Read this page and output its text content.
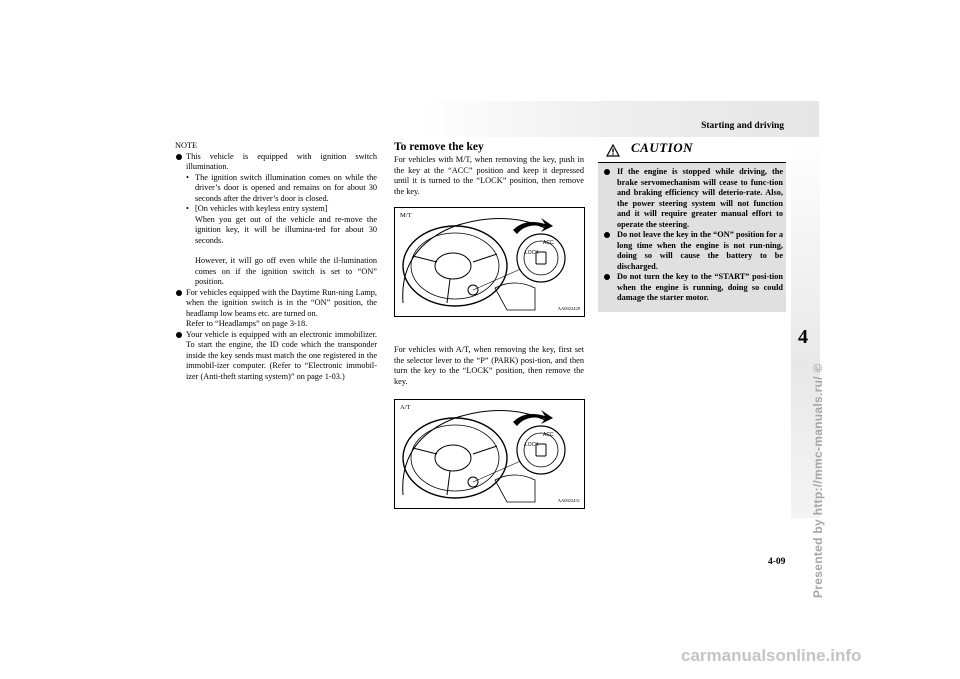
Starting and driving
4
4-09 Presented by http://mmc-manuals.ru/ ©
carmanualsonline.info

NOTE

This vehicle is equipped with ignition switch illumination.

• The ignition switch illumination comes on while the driver’s door is opened and remains on for about 30 seconds after the driver’s door is closed.

• [On vehicles with keyless entry system]

When you get out of the vehicle and re-move the ignition key, it will be illumina-ted for about 30 seconds.

However, it will go off even while the il-lumination comes on if the ignition switch is set to “ON” position.

For vehicles equipped with the Daytime Run-ning Lamp, when the ignition switch is in the “ON” position, the headlamp low beams etc. are turned on.

Refer to “Headlamps” on page 3-18.

Your vehicle is equipped with an electronic immobilizer. To start the engine, the ID code which the transponder inside the key sends must match the one registered in the immobil-izer computer. (Refer to “Electronic immobil-izer (Anti-theft starting system)” on page 1-03.)

To remove the key

For vehicles with M/T, when removing the key, push in the key at the “ACC” position and keep it depressed until it is turned to the “LOCK” position, then remove the key.

LOCK
ACC
M/T
AA0023428

For vehicles with A/T, when removing the key, first set the selector lever to the “P” (PARK) posi-tion, and then turn the key to the “LOCK” position, then remove the key.

LOCK
ACC
A/T
AA0023431
CAUTION

If the engine is stopped while driving, the brake servomechanism will cease to func-tion and braking efficiency will deterio-rate. Also, the power steering system will not function and it will require greater manual effort to operate the steering.

Do not leave the key in the “ON” position for a long time when the engine is not run-ning, doing so will cause the battery to be discharged.

Do not turn the key to the “START” posi-tion when the engine is running, doing so could damage the starter motor.
